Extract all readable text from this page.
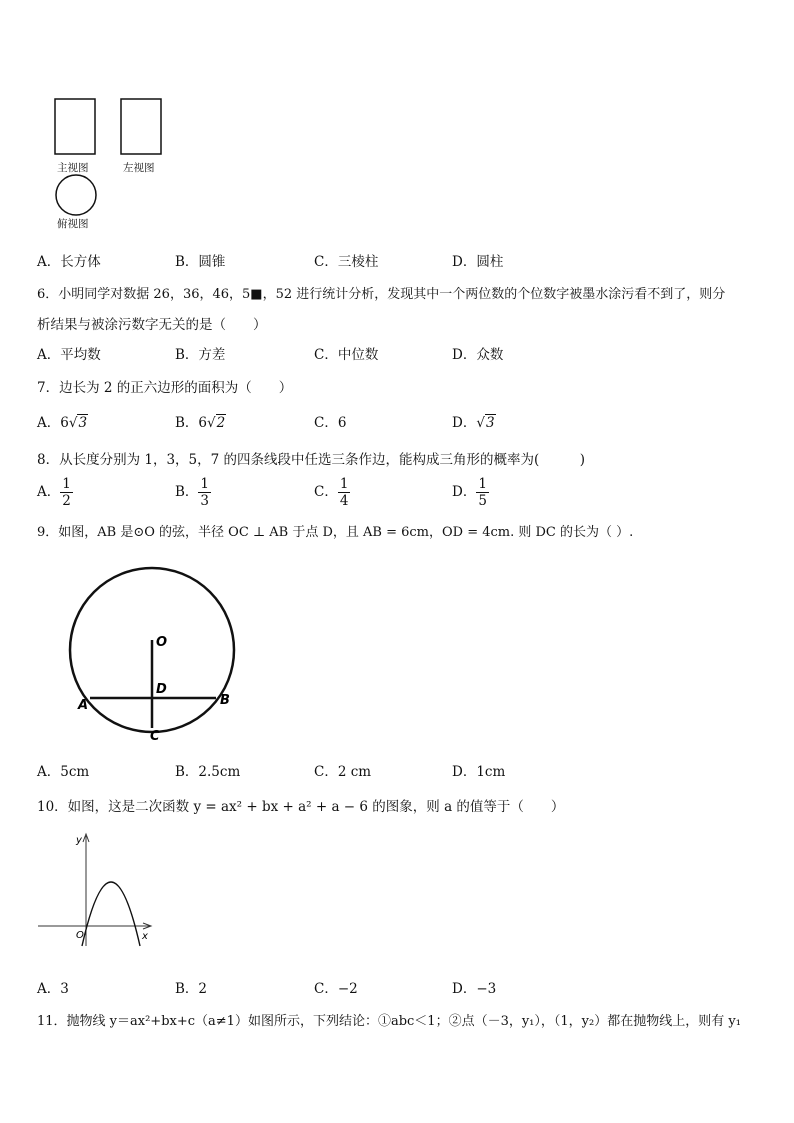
主视图	左视图
俯视图
A．长方体	B．圆锥	C．三棱柱	D．圆柱
6．小明同学对数据 26，36，46，5■，52 进行统计分析，发现其中一个两位数的个位数字被墨水涂污看不到了，则分
析结果与被涂污数字无关的是（　　）
A．平均数	B．方差	C．中位数	D．众数
7．边长为 2 的正六边形的面积为（　　）
A．6√3	B．6√2	C．6	D．√3
8．从长度分别为 1，3，5，7 的四条线段中任选三条作边，能构成三角形的概率为(　　　)
A． $\frac{1}{2}$	B． $\frac{1}{3}$	C． $\frac{1}{4}$	D． $\frac{1}{5}$
9．如图，AB 是⊙O 的弦，半径 OC ⊥ AB 于点 D，且 AB = 6cm，OD = 4cm. 则 DC 的长为（ ）.
O
D
A	B
C
A．5cm	B．2.5cm	C．2 cm	D．1cm
10．如图，这是二次函数 y = ax² + bx + a² + a − 6 的图象，则 a 的值等于（　　）
y
x
O
A．3	B．2	C．−2	D．−3
11．抛物线 y＝ax²+bx+c（a≠1）如图所示，下列结论：①abc＜1；②点（－3，y₁），（1，y₂）都在抛物线上，则有 y₁
